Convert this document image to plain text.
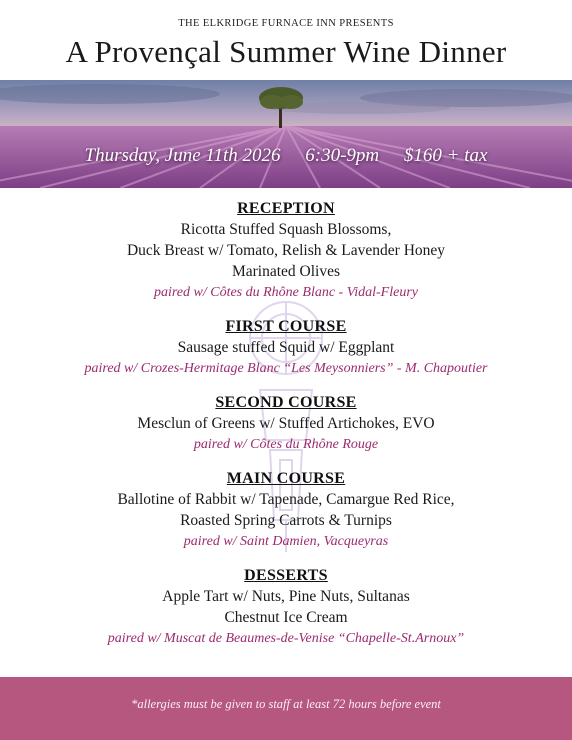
THE ELKRIDGE FURNACE INN PRESENTS
A Provençal Summer Wine Dinner
Thursday, June 11th 2026 6:30-9pm $160 + tax
RECEPTION
Ricotta Stuffed Squash Blossoms,
Duck Breast w/ Tomato, Relish & Lavender Honey
Marinated Olives
paired w/ Côtes du Rhône Blanc - Vidal-Fleury
FIRST COURSE
Sausage stuffed Squid w/ Eggplant
paired w/ Crozes-Hermitage Blanc “Les Meysonniers” - M. Chapoutier
SECOND COURSE
Mesclun of Greens w/ Stuffed Artichokes, EVO
paired w/ Côtes du Rhône Rouge
MAIN COURSE
Ballotine of Rabbit w/ Tapenade, Camargue Red Rice,
Roasted Spring Carrots & Turnips
paired w/ Saint Damien, Vacqueyras
DESSERTS
Apple Tart w/ Nuts, Pine Nuts, Sultanas
Chestnut Ice Cream
paired w/ Muscat de Beaumes-de-Venise “Chapelle-St.Arnoux”
*allergies must be given to staff at least 72 hours before event
